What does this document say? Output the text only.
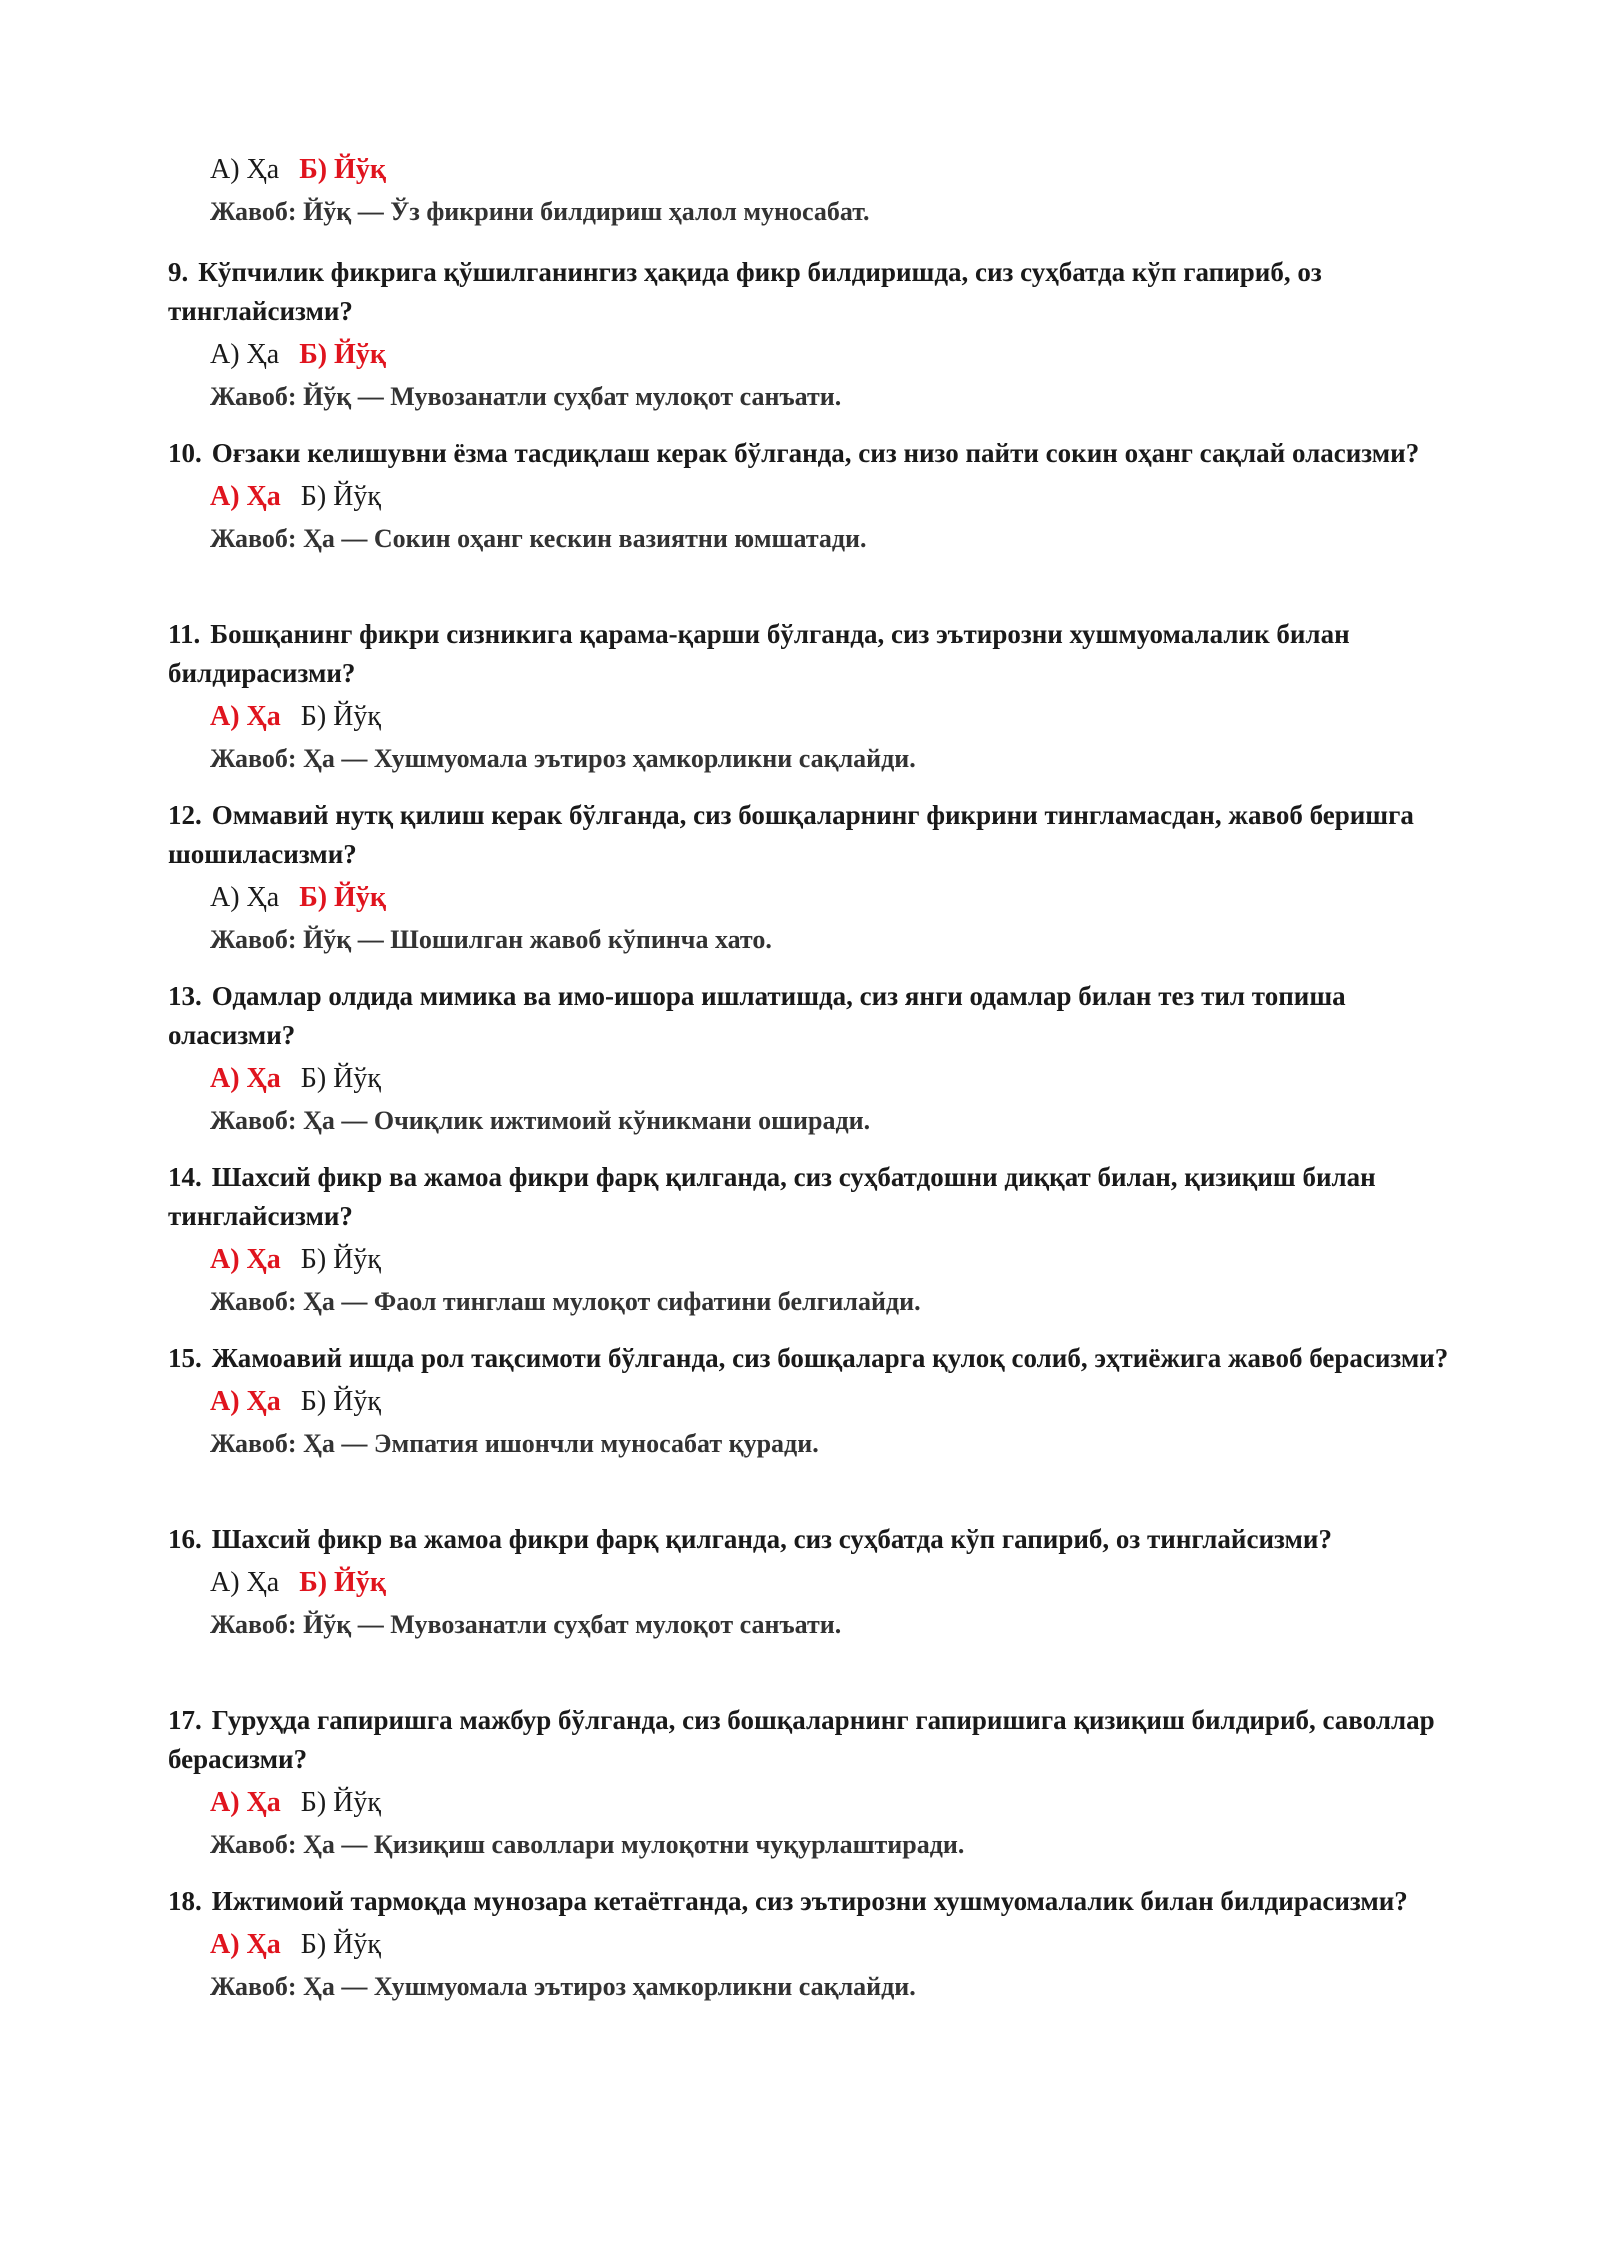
А) Ҳа Б) Йўқ
Жавоб: Йўқ — Ўз фикрини билдириш ҳалол муносабат.

9. Кўпчилик фикрига қўшилганингиз ҳақида фикр билдиришда, сиз суҳбатда кўп гапириб, оз тинглайсизми?

А) Ҳа Б) Йўқ
Жавоб: Йўқ — Мувозанатли суҳбат мулоқот санъати.

10. Оғзаки келишувни ёзма тасдиқлаш керак бўлганда, сиз низо пайти сокин оҳанг сақлай оласизми?

А) Ҳа Б) Йўқ
Жавоб: Ҳа — Сокин оҳанг кескин вазиятни юмшатади.

11. Бошқанинг фикри сизникига қарама-қарши бўлганда, сиз эътирозни хушмуомалалик билан билдирасизми?

А) Ҳа Б) Йўқ
Жавоб: Ҳа — Хушмуомала эътироз ҳамкорликни сақлайди.

12. Оммавий нутқ қилиш керак бўлганда, сиз бошқаларнинг фикрини тингламасдан, жавоб беришга шошиласизми?

А) Ҳа Б) Йўқ
Жавоб: Йўқ — Шошилган жавоб кўпинча хато.

13. Одамлар олдида мимика ва имо-ишора ишлатишда, сиз янги одамлар билан тез тил топиша оласизми?

А) Ҳа Б) Йўқ
Жавоб: Ҳа — Очиқлик ижтимоий кўникмани оширади.

14. Шахсий фикр ва жамоа фикри фарқ қилганда, сиз суҳбатдошни диққат билан, қизиқиш билан тинглайсизми?

А) Ҳа Б) Йўқ
Жавоб: Ҳа — Фаол тинглаш мулоқот сифатини белгилайди.

15. Жамоавий ишда рол тақсимоти бўлганда, сиз бошқаларга қулоқ солиб, эҳтиёжига жавоб берасизми?

А) Ҳа Б) Йўқ
Жавоб: Ҳа — Эмпатия ишончли муносабат қуради.

16. Шахсий фикр ва жамоа фикри фарқ қилганда, сиз суҳбатда кўп гапириб, оз тинглайсизми?

А) Ҳа Б) Йўқ
Жавоб: Йўқ — Мувозанатли суҳбат мулоқот санъати.

17. Гуруҳда гапиришга мажбур бўлганда, сиз бошқаларнинг гапиришига қизиқиш билдириб, саволлар берасизми?

А) Ҳа Б) Йўқ
Жавоб: Ҳа — Қизиқиш саволлари мулоқотни чуқурлаштиради.

18. Ижтимоий тармоқда мунозара кетаётганда, сиз эътирозни хушмуомалалик билан билдирасизми?

А) Ҳа Б) Йўқ
Жавоб: Ҳа — Хушмуомала эътироз ҳамкорликни сақлайди.
